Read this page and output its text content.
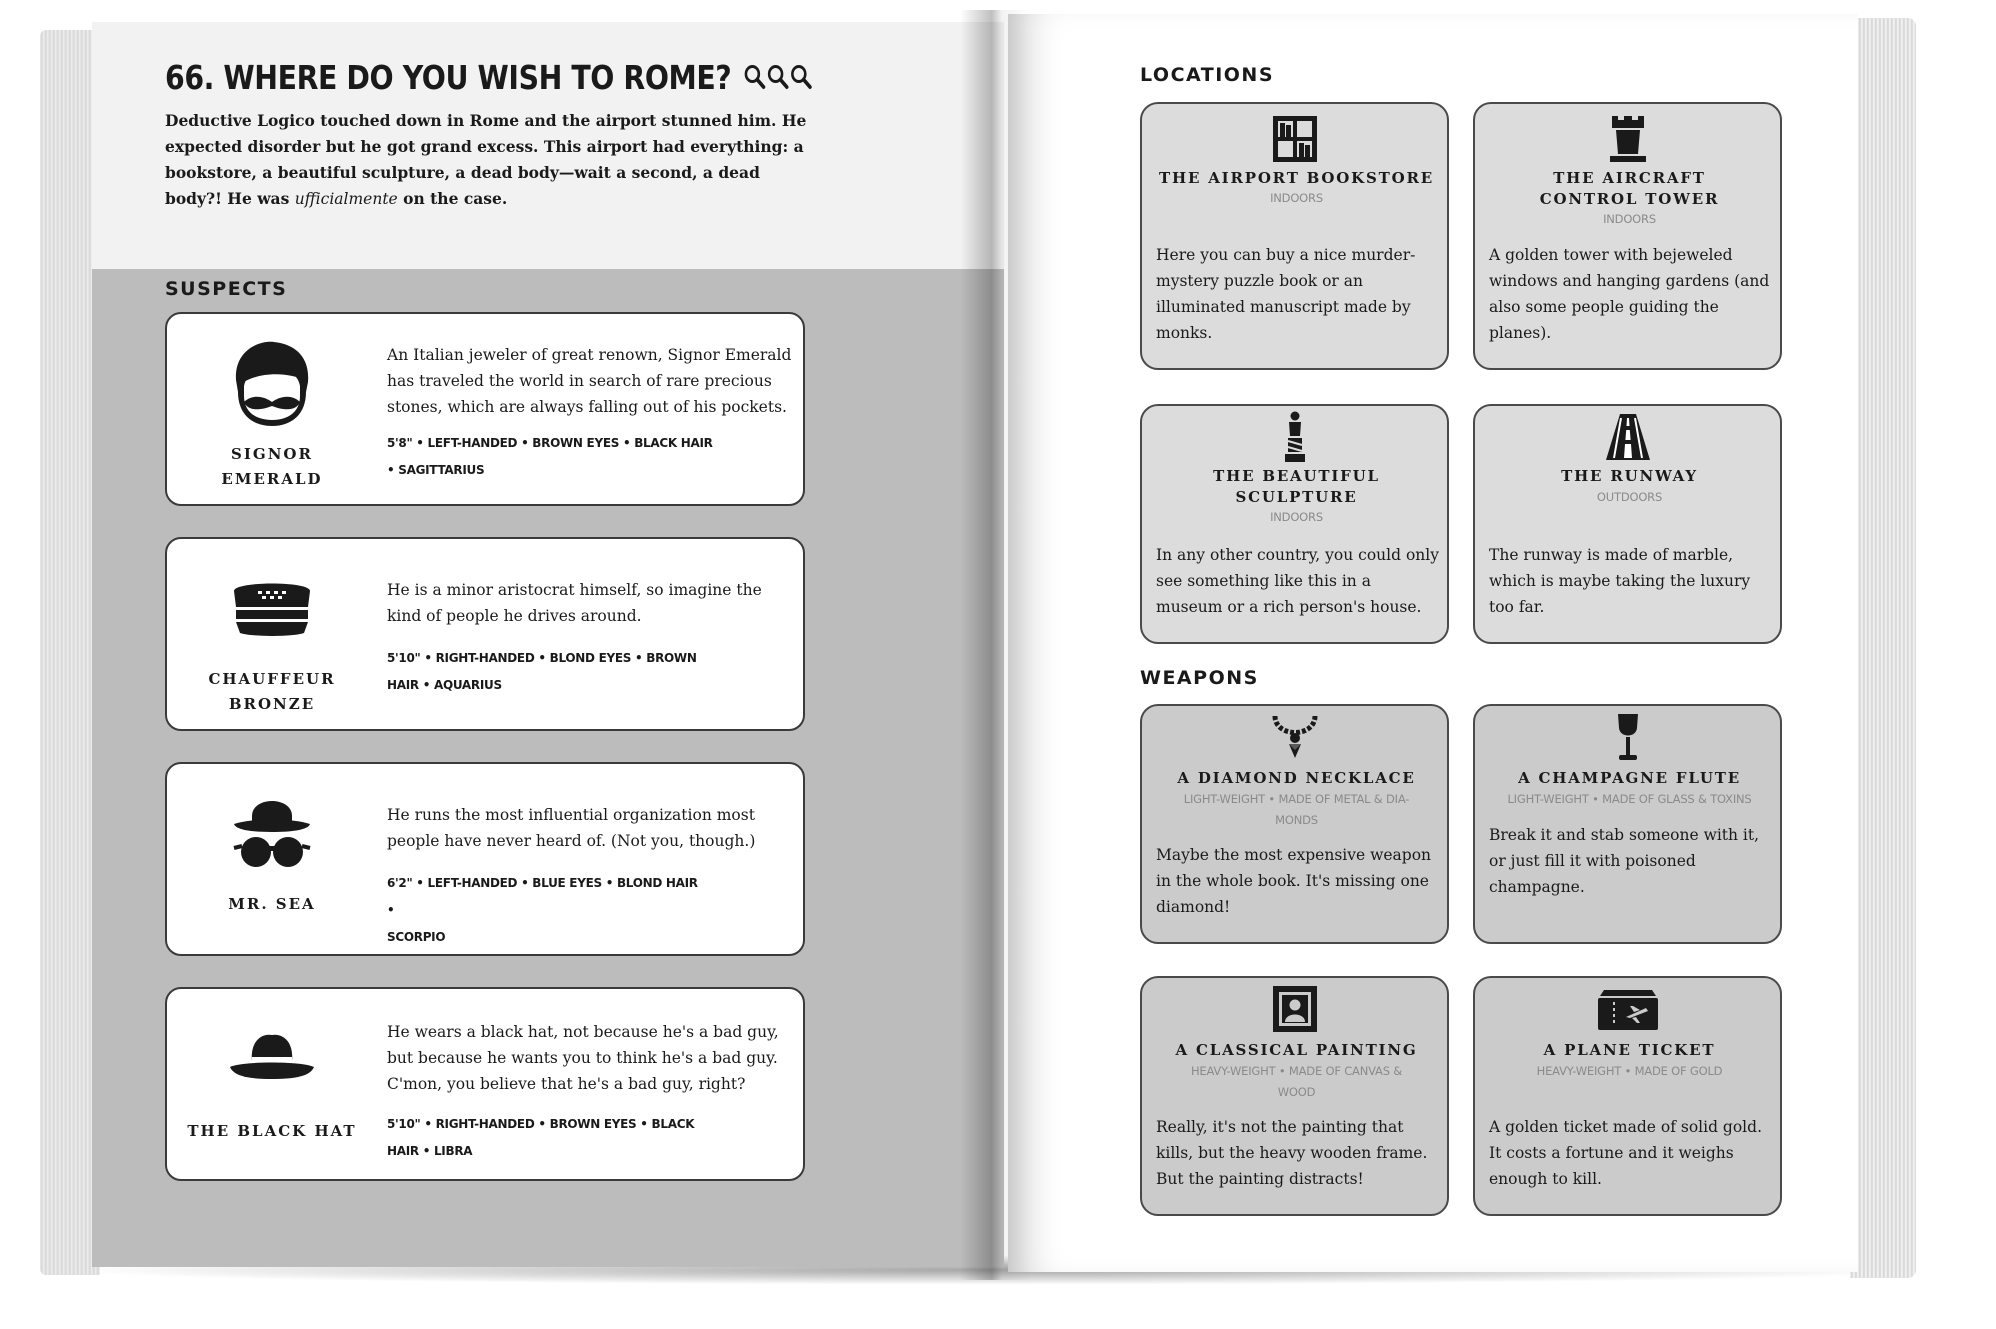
66. WHERE DO YOU WISH TO ROME?
Deductive Logico touched down in Rome and the airport stunned him. He expected disorder but he got grand excess. This airport had everything: a bookstore, a beautiful sculpture, a dead body—wait a second, a dead body?! He was ufficialmente on the case.
SUSPECTS
SIGNOR
EMERALD
An Italian jeweler of great renown, Signor Emerald has traveled the world in search of rare precious stones, which are always falling out of his pockets.
5'8" • LEFT-HANDED • BROWN EYES • BLACK HAIR
• SAGITTARIUS
CHAUFFEUR
BRONZE
He is a minor aristocrat himself, so imagine the kind of people he drives around.
5'10" • RIGHT-HANDED • BLOND EYES • BROWN
HAIR • AQUARIUS
MR. SEA
He runs the most influential organization most people have never heard of. (Not you, though.)
6'2" • LEFT-HANDED • BLUE EYES • BLOND HAIR •
SCORPIO
THE BLACK HAT
He wears a black hat, not because he's a bad guy, but because he wants you to think he's a bad guy. C'mon, you believe that he's a bad guy, right?
5'10" • RIGHT-HANDED • BROWN EYES • BLACK
HAIR • LIBRA
LOCATIONS
THE AIRPORT BOOKSTORE
INDOORS
Here you can buy a nice murder-mystery puzzle book or an illuminated manuscript made by monks.
THE AIRCRAFT
CONTROL TOWER
INDOORS
A golden tower with bejeweled windows and hanging gardens (and also some people guiding the planes).
THE BEAUTIFUL
SCULPTURE
INDOORS
In any other country, you could only see something like this in a museum or a rich person's house.
THE RUNWAY
OUTDOORS
The runway is made of marble, which is maybe taking the luxury too far.
WEAPONS
A DIAMOND NECKLACE
LIGHT-WEIGHT • MADE OF METAL & DIA-
MONDS
Maybe the most expensive weapon in the whole book. It's missing one diamond!
A CHAMPAGNE FLUTE
LIGHT-WEIGHT • MADE OF GLASS & TOXINS
Break it and stab someone with it, or just fill it with poisoned champagne.
A CLASSICAL PAINTING
HEAVY-WEIGHT • MADE OF CANVAS &
WOOD
Really, it's not the painting that kills, but the heavy wooden frame. But the painting distracts!
A PLANE TICKET
HEAVY-WEIGHT • MADE OF GOLD
A golden ticket made of solid gold. It costs a fortune and it weighs enough to kill.
